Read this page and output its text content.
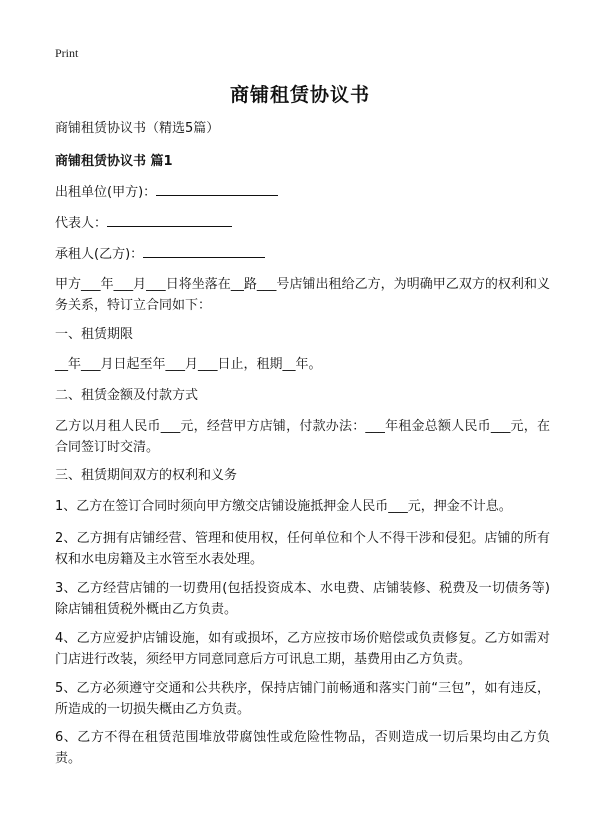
Print
商铺租赁协议书
商铺租赁协议书（精选5篇）
商铺租赁协议书 篇1
出租单位(甲方)：
代表人：
承租人(乙方)：
甲方___年___月___日将坐落在__路___号店铺出租给乙方，为明确甲乙双方的权利和义务关系，特订立合同如下：
一、租赁期限
__年___月日起至年___月___日止，租期__年。
二、租赁金额及付款方式
乙方以月租人民币___元，经营甲方店铺，付款办法：___年租金总额人民币___元，在合同签订时交清。
三、租赁期间双方的权利和义务
1、乙方在签订合同时须向甲方缴交店铺设施抵押金人民币___元，押金不计息。
2、乙方拥有店铺经营、管理和使用权，任何单位和个人不得干涉和侵犯。店铺的所有权和水电房籍及主水管至水表处理。
3、乙方经营店铺的一切费用(包括投资成本、水电费、店铺装修、税费及一切债务等)除店铺租赁税外概由乙方负责。
4、乙方应爱护店铺设施，如有或损坏，乙方应按市场价赔偿或负责修复。乙方如需对门店进行改装，须经甲方同意同意后方可讯息工期，基费用由乙方负责。
5、乙方必须遵守交通和公共秩序，保持店铺门前畅通和落实门前“三包”，如有违反，所造成的一切损失概由乙方负责。
6、乙方不得在租赁范围堆放带腐蚀性或危险性物品，否则造成一切后果均由乙方负责。
